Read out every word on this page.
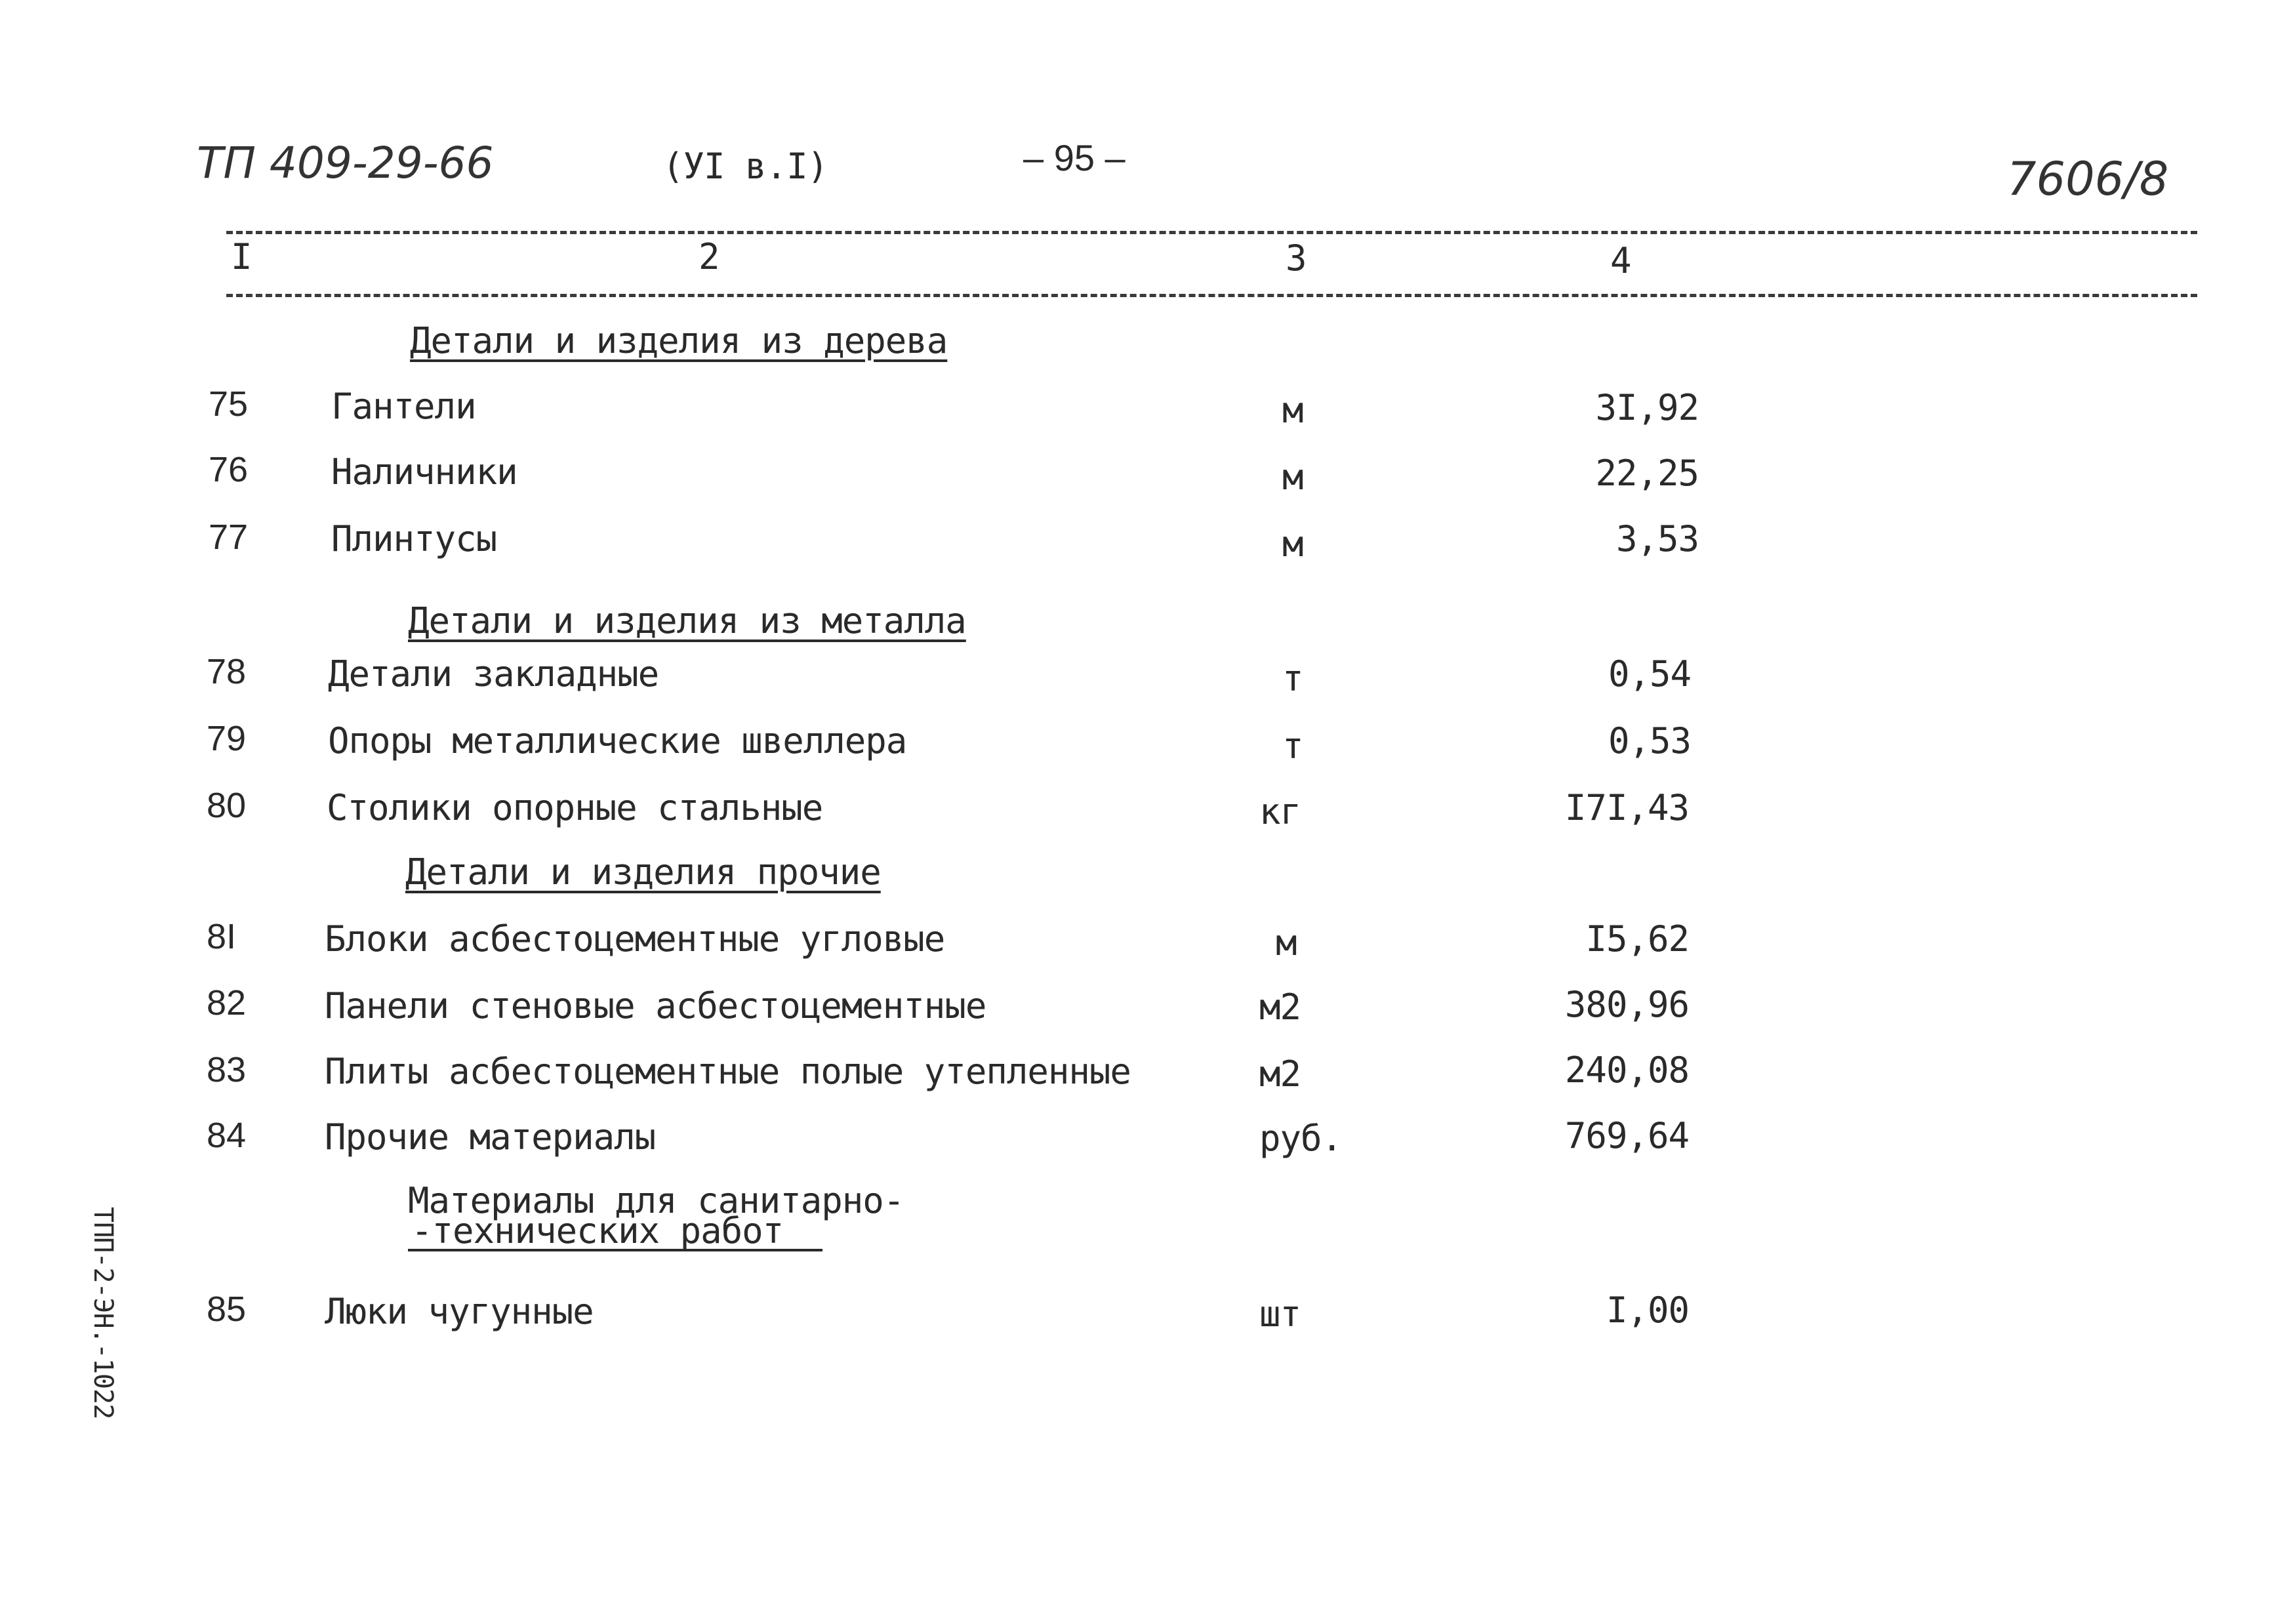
ТП 409-29-66	(УI в.I)	– 95 –	7606/8
I	2	3	4
Детали и изделия из дерева
75 Гантели	м	3I,92
76 Наличники	м	22,25
77 Плинтусы	м	3,53
Детали и изделия из металла
78 Детали закладные	т	0,54
79 Опоры металлические швеллера	т	0,53
80 Столики опорные стальные	кг	I7I,43
Детали и изделия прочие
8I Блоки асбестоцементные угловые	м	I5,62
82 Панели стеновые асбестоцементные	м2	380,96
83 Плиты асбестоцементные полые утепленные	м2	240,08
84 Прочие материалы	руб.	769,64
Материалы для санитарно-
-технических работ
85 Люки чугунные	шт	I,00
ТПП-2-ЭН.-1022
